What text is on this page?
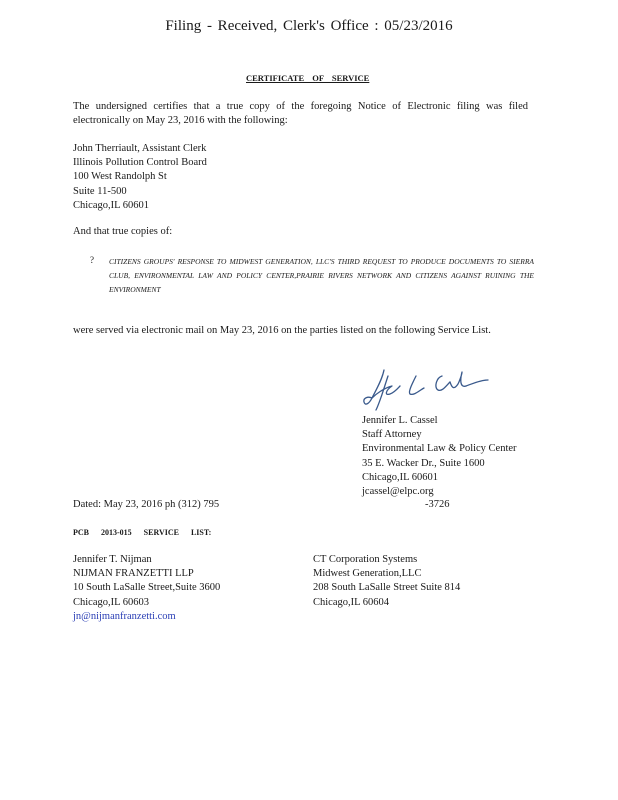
Filing - Received, Clerk's Office : 05/23/2016
CERTIFICATE OF SERVICE
The undersigned certifies that a true copy of the foregoing Notice of Electronic filing was filed electronically on May 23, 2016 with the following:
John Therriault, Assistant Clerk
Illinois Pollution Control Board
100 West Randolph St
Suite 11-500
Chicago,IL 60601
And that true copies of:
? CITIZENS GROUPS' RESPONSE TO MIDWEST GENERATION, LLC'S THIRD REQUEST TO PRODUCE DOCUMENTS TO SIERRA CLUB, ENVIRONMENTAL LAW AND POLICY CENTER,PRAIRIE RIVERS NETWORK AND CITIZENS AGAINST RUINING THE ENVIRONMENT
were served via electronic mail on May 23, 2016 on the parties listed on the following Service List.
Jennifer L. Cassel
Staff Attorney
Environmental Law & Policy Center
35 E. Wacker Dr., Suite 1600
Chicago,IL 60601
jcassel@elpc.org
Dated: May 23, 2016 ph (312) 795	-3726
PCB 2013-015 SERVICE LIST:
Jennifer T. Nijman
NIJMAN FRANZETTI LLP
10 South LaSalle Street,Suite 3600
Chicago,IL 60603
jn@nijmanfranzetti.com
CT Corporation Systems
Midwest Generation,LLC
208 South LaSalle Street Suite 814
Chicago,IL 60604
